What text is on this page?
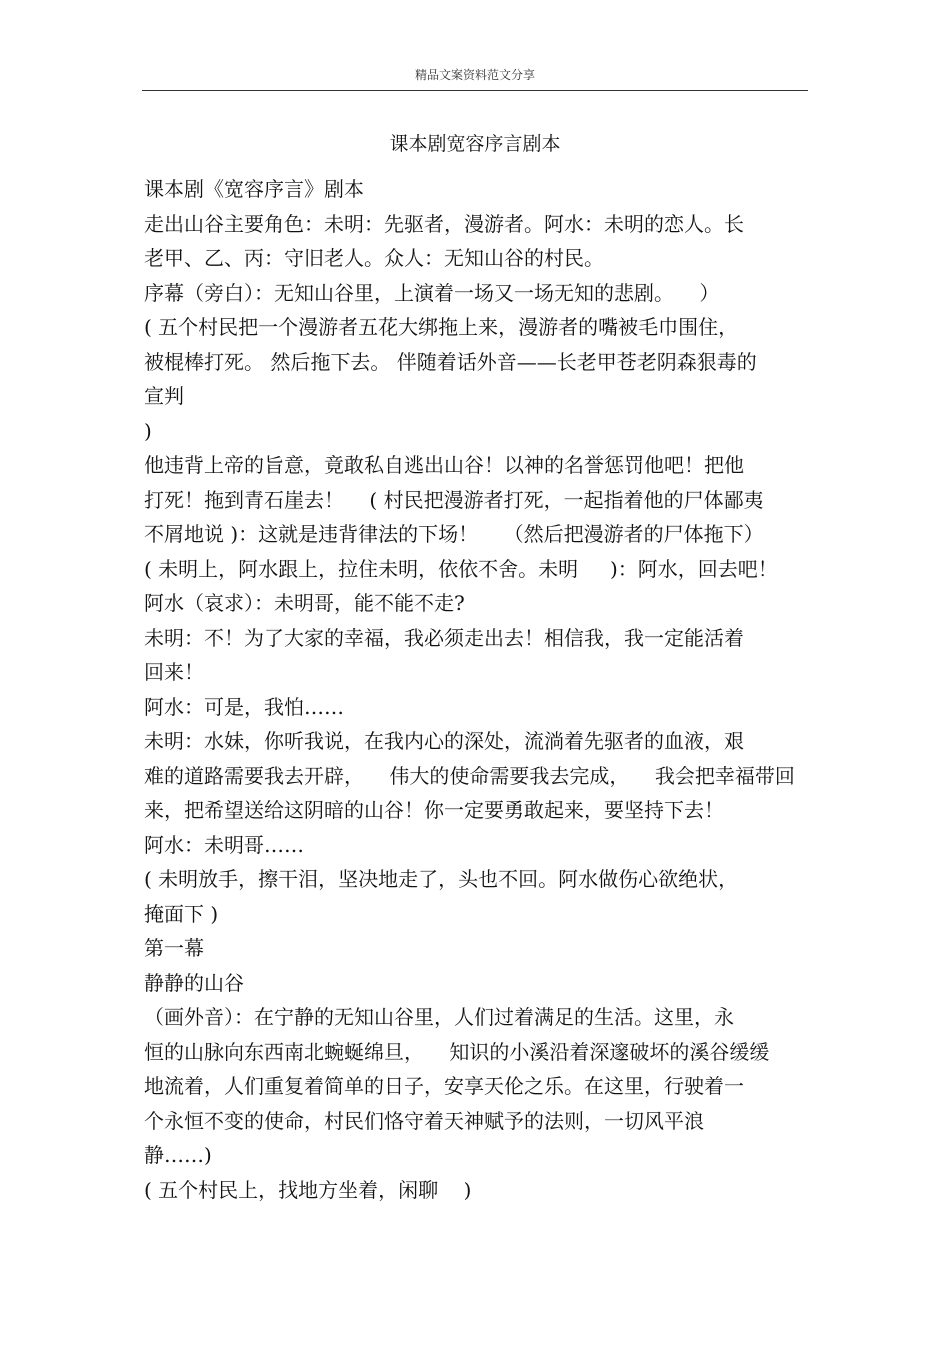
精品文案资料范文分享
课本剧宽容序言剧本
课本剧《宽容序言》剧本
走出山谷主要角色：未明：先驱者，漫游者。阿水：未明的恋人。长
老甲、乙、丙：守旧老人。众人：无知山谷的村民。
序幕（旁白）：无知山谷里，上演着一场又一场无知的悲剧。    ）
( 五个村民把一个漫游者五花大绑拖上来，漫游者的嘴被毛巾围住，
被棍棒打死。 然后拖下去。 伴随着话外音——长老甲苍老阴森狠毒的
宣判
)
他违背上帝的旨意，竟敢私自逃出山谷！以神的名誉惩罚他吧！把他
打死！拖到青石崖去！    ( 村民把漫游者打死，一起指着他的尸体鄙夷
不屑地说 )：这就是违背律法的下场！    （然后把漫游者的尸体拖下）
( 未明上，阿水跟上，拉住未明，依依不舍。未明     )：阿水，回去吧！
阿水（哀求）：未明哥，能不能不走?
未明：不！为了大家的幸福，我必须走出去！相信我，我一定能活着
回来！
阿水：可是，我怕……
未明：水妹，你听我说，在我内心的深处，流淌着先驱者的血液，艰
难的道路需要我去开辟，    伟大的使命需要我去完成，    我会把幸福带回
来，把希望送给这阴暗的山谷！你一定要勇敢起来，要坚持下去！
阿水：未明哥……
( 未明放手，擦干泪，坚决地走了，头也不回。阿水做伤心欲绝状，
掩面下 )
第一幕
静静的山谷
（画外音）：在宁静的无知山谷里，人们过着满足的生活。这里，永
恒的山脉向东西南北蜿蜒绵旦，    知识的小溪沿着深邃破坏的溪谷缓缓
地流着，人们重复着简单的日子，安享天伦之乐。在这里，行驶着一
个永恒不变的使命，村民们恪守着天神赋予的法则，一切风平浪
静……)
( 五个村民上，找地方坐着，闲聊    )
